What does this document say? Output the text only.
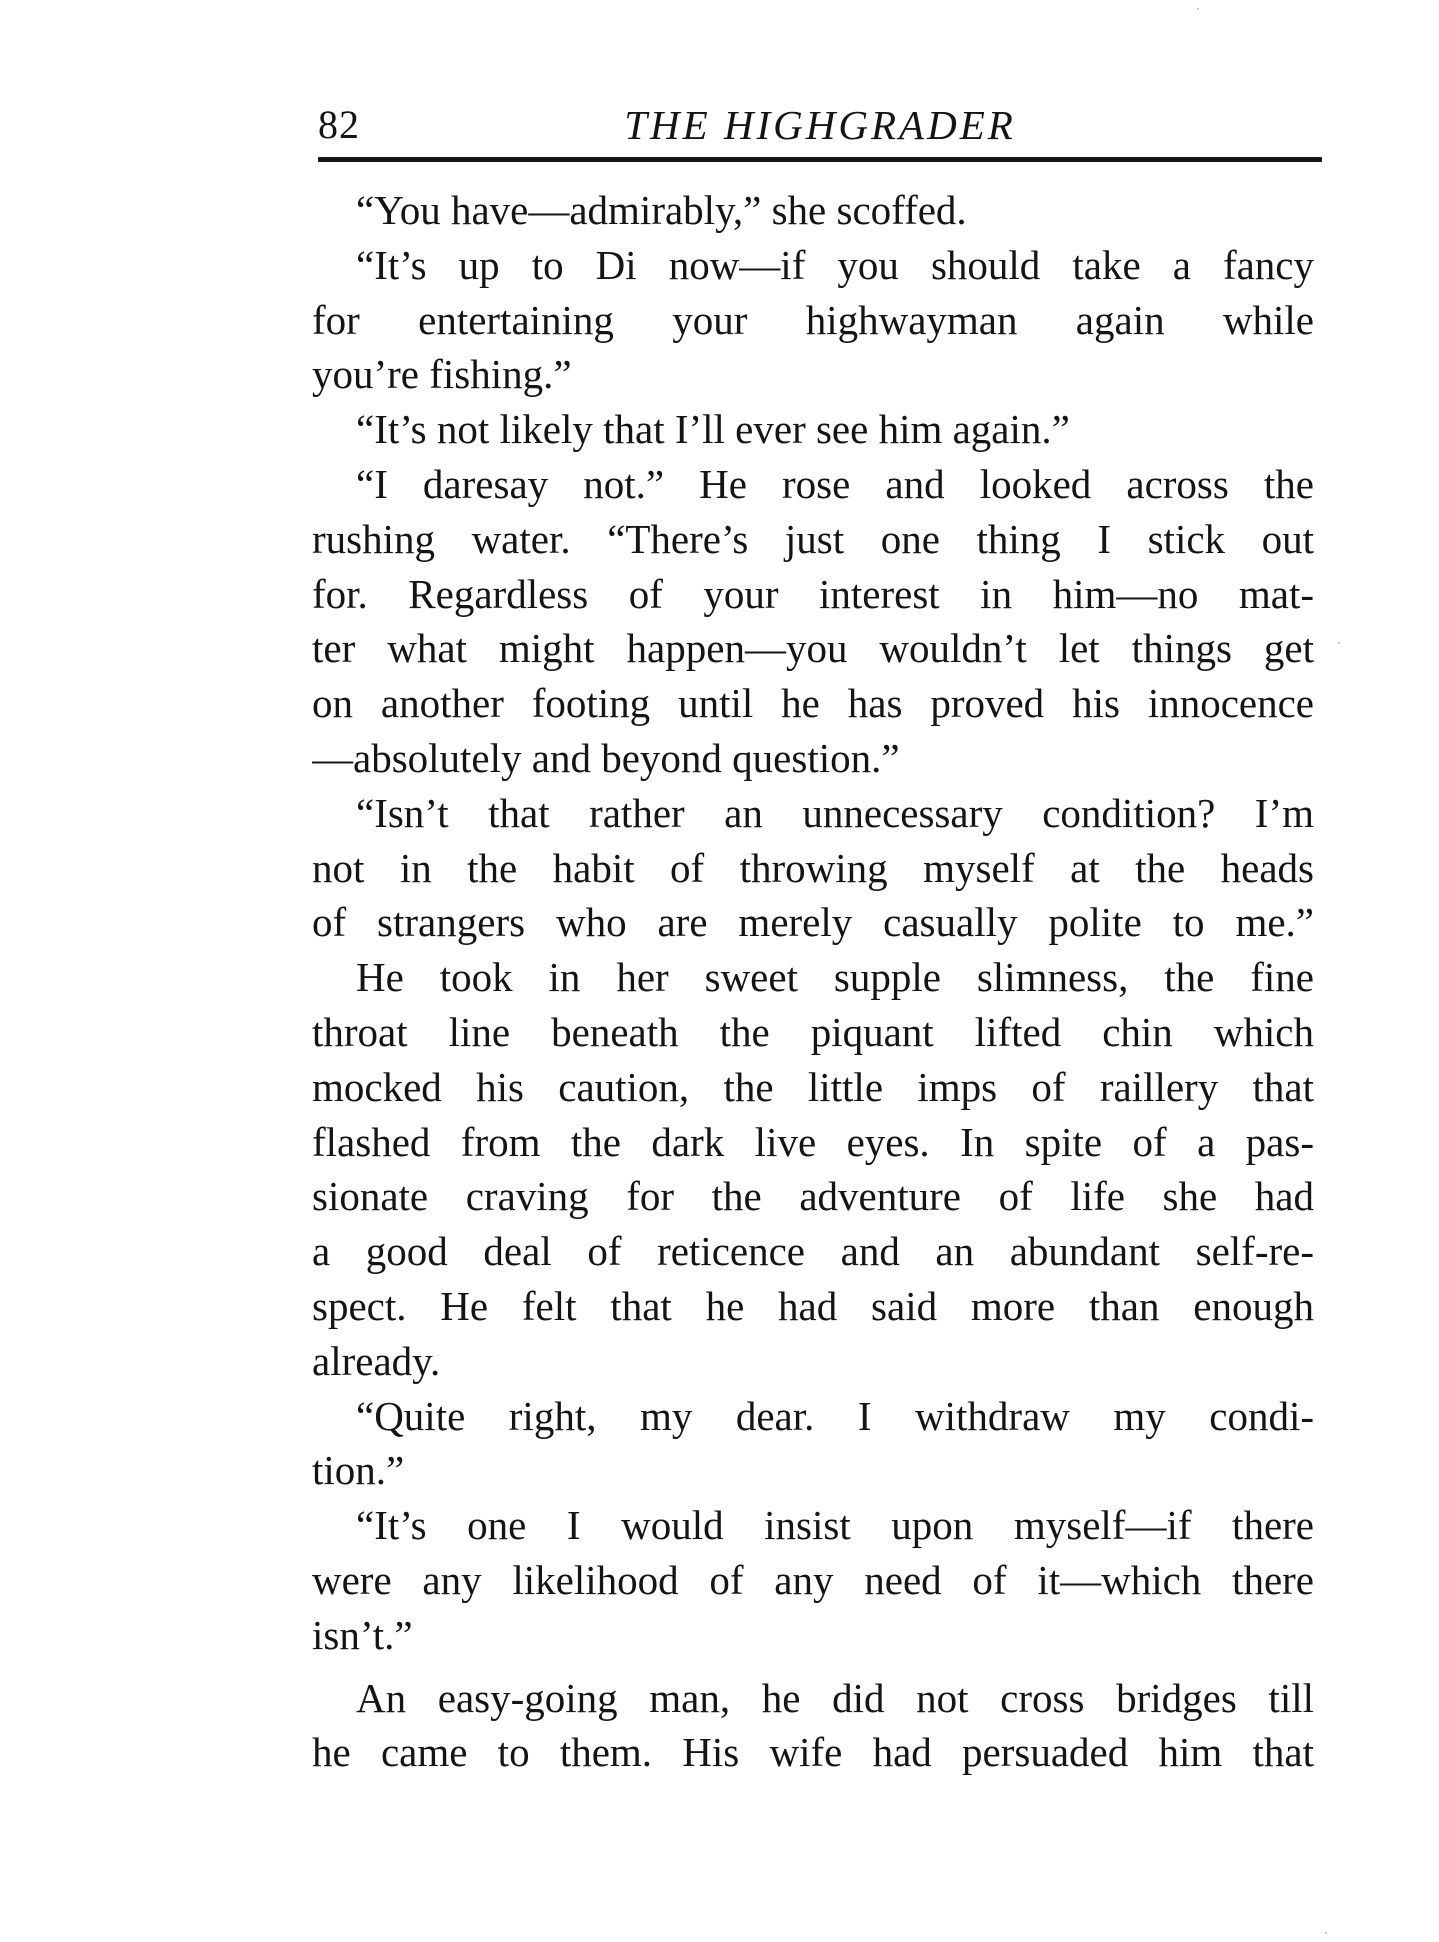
82	THE HIGHGRADER
“You have—admirably,” she scoffed.
“It’s up to Di now—if you should take a fancy
for entertaining your highwayman again while
you’re fishing.”
“It’s not likely that I’ll ever see him again.”
“I daresay not.” He rose and looked across the
rushing water. “There’s just one thing I stick out
for. Regardless of your interest in him—no mat-
ter what might happen—you wouldn’t let things get
on another footing until he has proved his innocence
—absolutely and beyond question.”
“Isn’t that rather an unnecessary condition? I’m
not in the habit of throwing myself at the heads
of strangers who are merely casually polite to me.”
He took in her sweet supple slimness, the fine
throat line beneath the piquant lifted chin which
mocked his caution, the little imps of raillery that
flashed from the dark live eyes. In spite of a pas-
sionate craving for the adventure of life she had
a good deal of reticence and an abundant self-re-
spect. He felt that he had said more than enough
already.
“Quite right, my dear. I withdraw my condi-
tion.”
“It’s one I would insist upon myself—if there
were any likelihood of any need of it—which there
isn’t.”
An easy-going man, he did not cross bridges till
he came to them. His wife had persuaded him that
